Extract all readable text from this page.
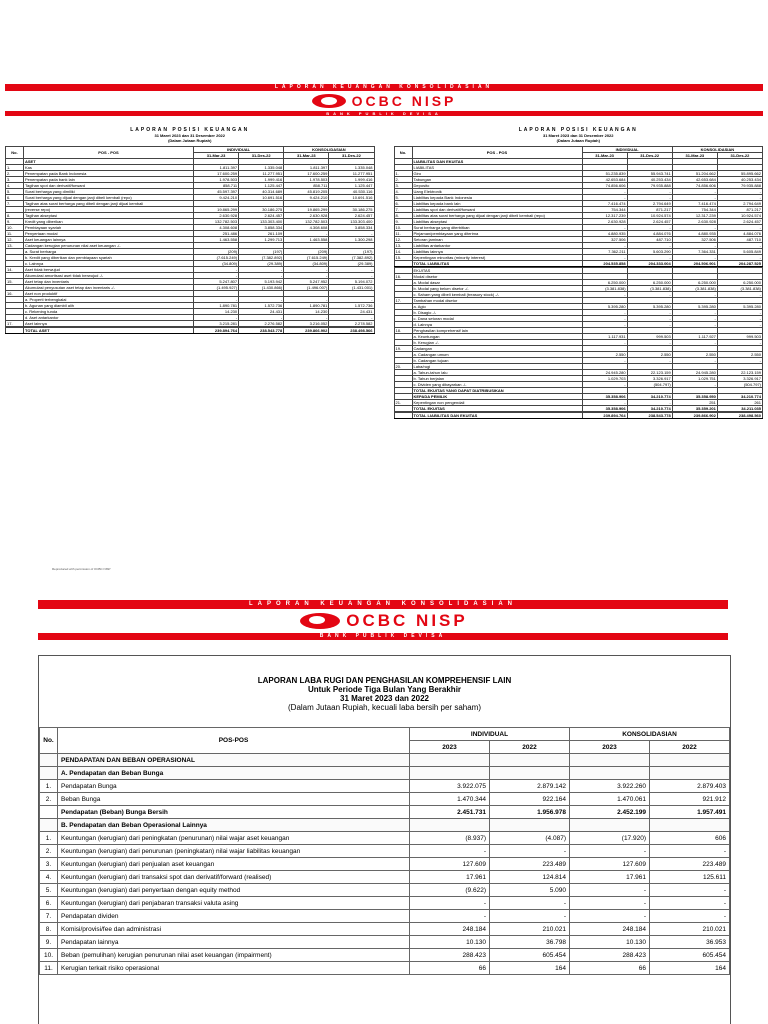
LAPORAN KEUANGAN KONSOLIDASIAN
OCBC NISP
BANK PUBLIK DEVISA
LAPORAN POSISI KEUANGAN
31 Maret 2023 dan 31 Desember 2022
(Dalam Jutaan Rupiah)
No.	POS - POS	INDIVIDUAL		KONSOLIDASIAN	
		31-Mar-23	31-Des-22	31-Mar-23	31-Des-22
	ASET				
1.	Kas	1.811.397	1.335.048	1.811.397	1.335.048
2.	Penempatan pada Bank Indonesia	17.600.259	11.277.951	17.600.259	11.277.951
3.	Penempatan pada bank lain	1.978.503	1.999.416	1.978.503	1.999.416
4.	Tagihan spot dan derivatif/forward	858.711	1.125.447	858.711	1.125.447
5.	Surat berharga yang dimiliki	45.597.397	40.314.689	45.819.205	40.530.116
6.	Surat berharga yang dijual dengan janji dibeli kembali (repo)	9.424.210	10.691.516	9.424.210	10.691.516
7.	Tagihan atas surat berharga yang dibeli dengan janji dijual kembali				
	(reverse repo)	19.865.299	30.186.275	19.865.299	30.186.275
8.	Tagihan akseptasi	2.630.928	2.624.457	2.630.928	2.624.457
9.	Kredit yang diberikan	132.782.503	133.303.400	132.782.503	133.303.400
10.	Pembiayaan syariah	4.308.608	3.858.334	4.308.608	3.858.334
11.	Penyertaan modal	251.486	261.109	-	-
12.	Aset keuangan lainnya	1.463.558	1.299.713	1.463.558	1.300.298
13.	Cadangan kerugian penurunan nilai aset keuangan -/-				
	a. Surat berharga	(209)	(197)	(209)	(197)
	b. Kredit yang diberikan dan pembiayaan syariah	(7.615.249)	(7.382.892)	(7.615.249)	(7.382.892)
	c. Lainnya	(34.809)	(29.389)	(34.809)	(29.389)
14.	Aset tidak berwujud	-	-	-	-
	Akumulasi amortisasi aset tidak berwujud -/-	-	-	-	-
15.	Aset tetap dan inventaris	5.247.807	5.193.942	5.247.952	5.194.072
	Akumulasi penyusutan aset tetap dan inventaris -/-	(1.495.927)	(1.430.866)	(1.496.007)	(1.431.001)
16.	Aset non produktif				
	a. Properti terbengkalai	-	-	-	-
	b. Agunan yang diambil alih	1.890.781	1.572.736	1.890.781	1.572.736
	c. Rekening tunda	14.230	24.431	14.230	24.431
	d. Aset antarkantor	-	-	-	-
17.	Aset lainnya	3.215.281	2.276.582	3.216.052	2.278.582

	TOTAL ASET	239.894.764	238.543.778	239.866.902	238.498.566
LAPORAN POSISI KEUANGAN
31 Maret 2023 dan 31 Desember 2022
(Dalam Jutaan Rupiah)
No.	POS - POS	INDIVIDUAL		KONSOLIDASIAN	
		31-Mar-23	31-Des-22	31-Mar-23	31-Des-22
	LIABILITAS DAN EKUITAS				
	LIABILITAS				
1.	Giro	51.235.839	55.943.741	51.204.662	55.895.662
2.	Tabungan	42.653.684	40.253.434	42.653.684	40.253.434
3.	Deposito	74.856.606	79.935.888	74.856.606	79.935.888
4.	Uang Elektronik	-	-	-	-
5.	Liabilitas kepada Bank Indonesia	-	-	-	-
6.	Liabilitas kepada bank lain	7.416.474	2.794.649	7.416.474	2.794.649
7.	Liabilitas spot dan derivatif/forward	754.344	871.217	754.344	871.217
8.	Liabilitas atas surat berharga yang dijual dengan janji dibeli kembali (repo)	12.317.239	10.924.574	12.317.239	10.924.574
9.	Liabilitas akseptasi	2.630.928	2.624.457	2.630.928	2.624.457
10.	Surat berharga yang diterbitkan	-	-	-	-
11.	Pinjaman/pembiayaan yang diterima	4.880.935	4.884.076	4.880.935	4.884.076
12.	Setoran jaminan	327.506	487.710	327.506	487.710
13.	Liabilitas antarkantor	-	-	-	-
14.	Liabilitas lainnya	7.362.211	5.603.290	7.364.331	5.605.849
15.	Kepentingan minoritas (minority interest)	-	-	-	-
	TOTAL LIABILITAS	204.535.858	204.333.004	204.506.901	204.287.525

	EKUITAS				
16.	Modal disetor				
	a. Modal dasar	6.250.000	6.250.000	6.250.000	6.250.000
	b. Modal yang belum disetor -/-	(3.381.838)	(3.381.838)	(3.381.838)	(3.381.838)
	c. Saham yang dibeli kembali (treasury stock) -/-	-	-	-	-
17.	Tambahan modal disetor				
	a. Agio	5.395.280	5.395.280	5.395.280	5.395.280
	b. Disagio -/-	-	-	-	-
	c. Dana setoran modal	-	-	-	-
	d. Lainnya	-	-	-	-
18.	Penghasilan komprehensif lain				
	a. Keuntungan	1.117.931	999.503	1.117.927	999.503
	b. Kerugian -/-	-	-	-	-
19.	Cadangan				
	a. Cadangan umum	2.550	2.550	2.550	2.550
	b. Cadangan tujuan	-	-	-	-
20.	Laba/rugi				
	a. Tahun-tahun lalu	24.945.280	22.123.159	24.945.280	22.123.159
	b. Tahun berjalan	1.029.703	3.326.917	1.029.751	3.326.917
	c. Dividen yang dibayarkan -/-	-	(504.797)	-	(504.797)
	TOTAL EKUITAS YANG DAPAT DIATRIBUSIKAN				
	KEPADA PEMILIK	35.358.906	34.210.774	35.358.950	34.210.774
21.	Kepentingan non pengendali	-	-	251	261
	TOTAL EKUITAS	35.358.906	34.210.774	35.359.201	34.211.035

	TOTAL LIABILITAS DAN EKUITAS	239.894.764	238.543.778	239.866.902	238.498.560
Reproduced with permission of OCBC NISP
LAPORAN KEUANGAN KONSOLIDASIAN
OCBC NISP
BANK PUBLIK DEVISA
LAPORAN LABA RUGI DAN PENGHASILAN KOMPREHENSIF LAIN
Untuk Periode Tiga Bulan Yang Berakhir
31 Maret 2023 dan 2022
(Dalam Jutaan Rupiah, kecuali laba bersih per saham)
No.	POS-POS	INDIVIDUAL		KONSOLIDASIAN	
		2023	2022	2023	2022
	PENDAPATAN DAN BEBAN OPERASIONAL				
	A. Pendapatan dan Beban Bunga				
1.	Pendapatan Bunga	3.922.075	2.879.142	3.922.260	2.879.403
2.	Beban Bunga	1.470.344	922.164	1.470.061	921.912
	Pendapatan (Beban) Bunga Bersih	2.451.731	1.956.978	2.452.199	1.957.491
	B. Pendapatan dan Beban Operasional Lainnya				
1.	Keuntungan (kerugian) dari peningkatan (penurunan) nilai wajar aset keuangan	(8.937)	(4.087)	(17.920)	606
2.	Keuntungan (kerugian) dari penurunan (peningkatan) nilai wajar liabilitas keuangan	-	-	-	-
3.	Keuntungan (kerugian) dari penjualan aset keuangan	127.609	223.489	127.609	223.489
4.	Keuntungan (kerugian) dari transaksi spot dan derivatif/forward (realised)	17.961	124.814	17.961	125.611
5.	Keuntungan (kerugian) dari penyertaan dengan equity method	(9.622)	5.090	-	-
6.	Keuntungan (kerugian) dari penjabaran transaksi valuta asing	-	-	-	-
7.	Pendapatan dividen	-	-	-	-
8.	Komisi/provisi/fee dan administrasi	248.184	210.021	248.184	210.021
9.	Pendapatan lainnya	10.130	36.798	10.130	36.953
10.	Beban (pemulihan) kerugian penurunan nilai aset keuangan (impairment)	288.423	605.454	288.423	605.454
11.	Kerugian terkait risiko operasional	66	164	66	164
